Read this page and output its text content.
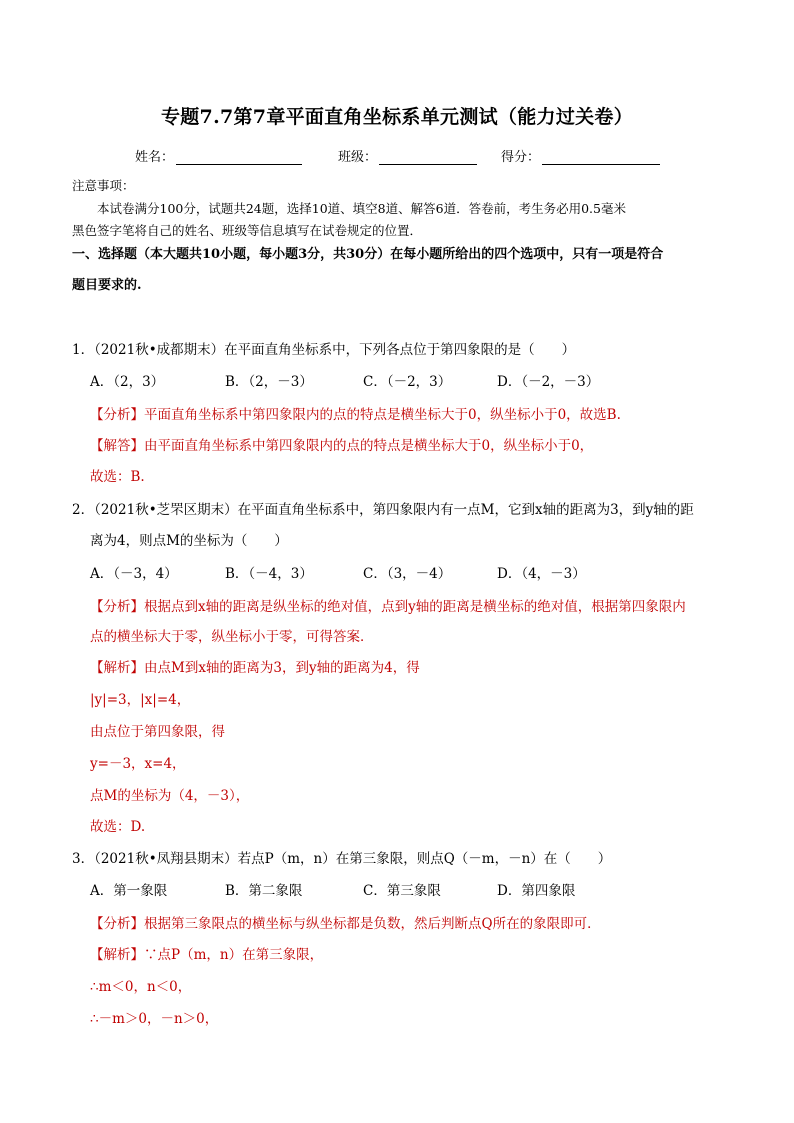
专题7.7第7章平面直角坐标系单元测试（能力过关卷）
姓名：	班级：	得分：
注意事项：
本试卷满分100分，试题共24题，选择10道、填空8道、解答6道．答卷前，考生务必用0.5毫米
黑色签字笔将自己的姓名、班级等信息填写在试卷规定的位置．
一、选择题（本大题共10小题，每小题3分，共30分）在每小题所给出的四个选项中，只有一项是符合
题目要求的.
1．（2021秋•成都期末）在平面直角坐标系中，下列各点位于第四象限的是（　　）
A．（2，3）	B．（2，－3）	C．（－2，3）	D．（－2，－3）
【分析】平面直角坐标系中第四象限内的点的特点是横坐标大于0，纵坐标小于0，故选B.
【解答】由平面直角坐标系中第四象限内的点的特点是横坐标大于0，纵坐标小于0，
故选：B.
2．（2021秋•芝罘区期末）在平面直角坐标系中，第四象限内有一点M，它到x轴的距离为3，到y轴的距
离为4，则点M的坐标为（　　）
A．（－3，4）	B．（－4，3）	C．（3，－4）	D．（4，－3）
【分析】根据点到x轴的距离是纵坐标的绝对值，点到y轴的距离是横坐标的绝对值，根据第四象限内
点的横坐标大于零，纵坐标小于零，可得答案．
【解析】由点M到x轴的距离为3，到y轴的距离为4，得
|y|=3，|x|=4，
由点位于第四象限，得
y=－3，x=4，
点M的坐标为（4，－3），
故选：D.
3．（2021秋•凤翔县期末）若点P（m，n）在第三象限，则点Q（－m，－n）在（　　）
A．第一象限	B．第二象限	C．第三象限	D．第四象限
【分析】根据第三象限点的横坐标与纵坐标都是负数，然后判断点Q所在的象限即可．
【解析】∵点P（m，n）在第三象限，
∴m＜0，n＜0，
∴－m＞0，－n＞0，
